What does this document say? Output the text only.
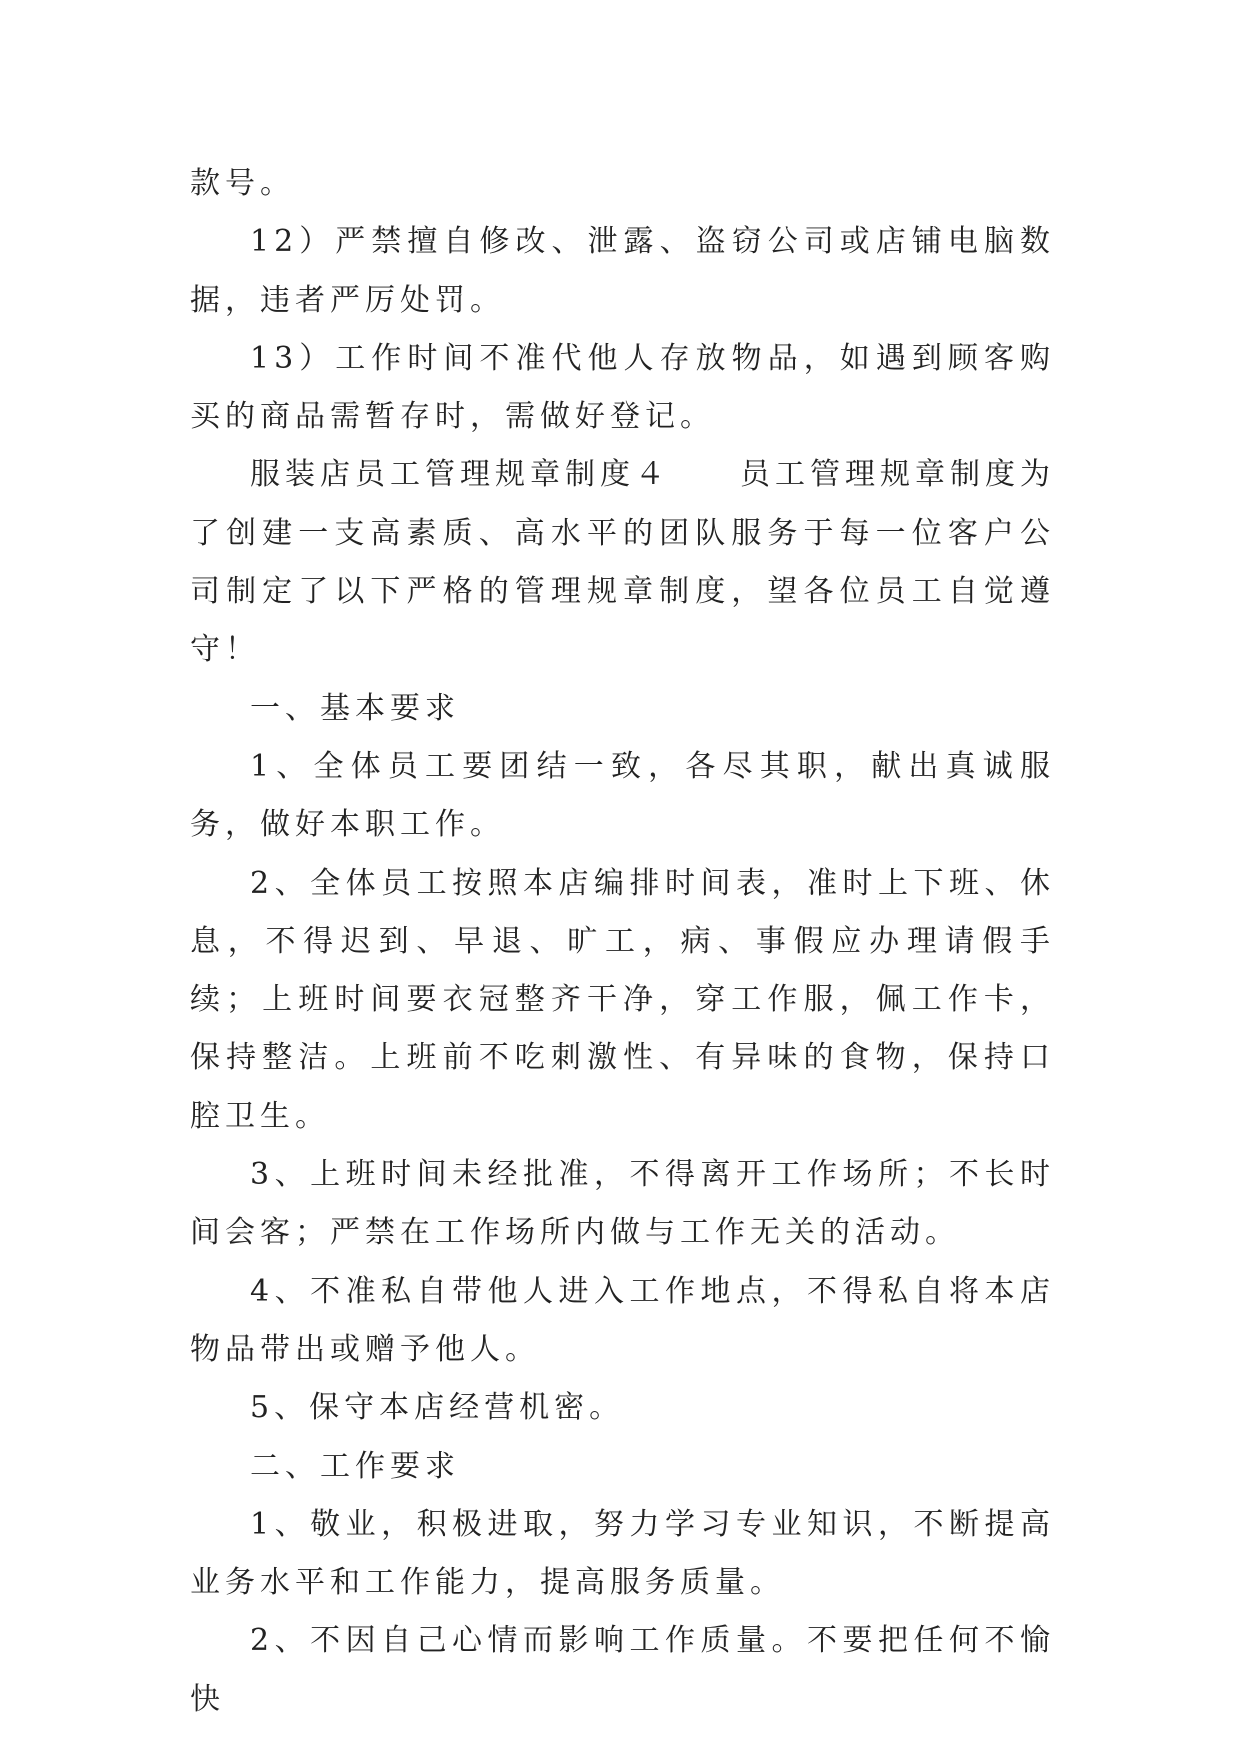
款号。

12）严禁擅自修改、泄露、盗窃公司或店铺电脑数据，违者严厉处罚。

13）工作时间不准代他人存放物品，如遇到顾客购买的商品需暂存时，需做好登记。

服装店员工管理规章制度４ 员工管理规章制度为了创建一支高素质、高水平的团队服务于每一位客户公司制定了以下严格的管理规章制度，望各位员工自觉遵守！

一、基本要求

1、全体员工要团结一致，各尽其职，献出真诚服务，做好本职工作。

2、全体员工按照本店编排时间表，准时上下班、休息，不得迟到、早退、旷工，病、事假应办理请假手续；上班时间要衣冠整齐干净，穿工作服，佩工作卡，保持整洁。上班前不吃刺激性、有异味的食物，保持口腔卫生。

3、上班时间未经批准，不得离开工作场所；不长时间会客；严禁在工作场所内做与工作无关的活动。

4、不准私自带他人进入工作地点，不得私自将本店物品带出或赠予他人。

5、保守本店经营机密。

二、工作要求

1、敬业，积极进取，努力学习专业知识，不断提高业务水平和工作能力，提高服务质量。

2、不因自己心情而影响工作质量。不要把任何不愉快
